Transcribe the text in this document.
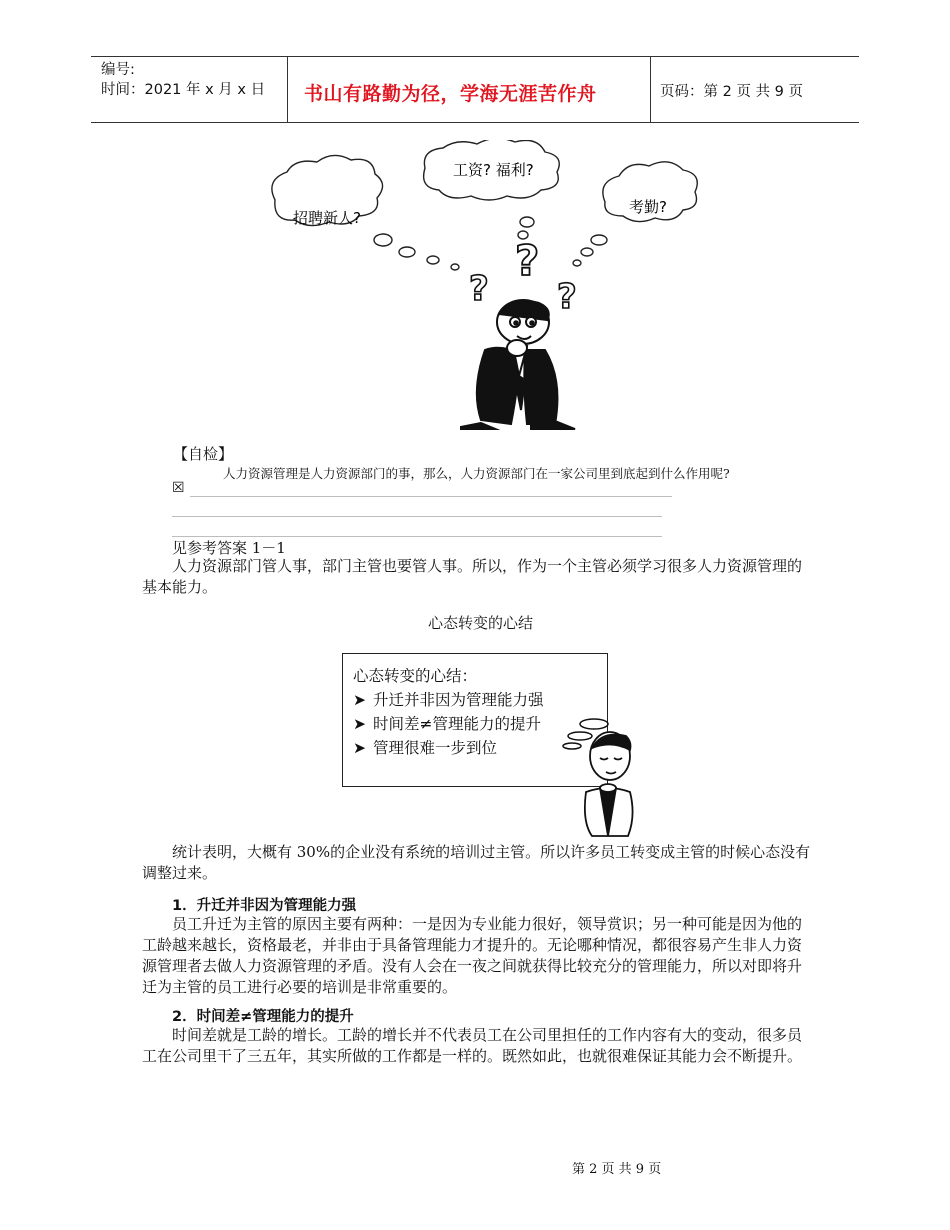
编号:
时间：2021 年 x 月 x 日 书山有路勤为径，学海无涯苦作舟	页码：第 2 页 共 9 页
招聘新人?
工资? 福利?
考勤?
?
?
?
【自检】
人力资源管理是人力资源部门的事，那么，人力资源部门在一家公司里到底起到什么作用呢?
☒
见参考答案 1－1
人力资源部门管人事，部门主管也要管人事。所以，作为一个主管必须学习很多人力资源管理的基本能力。
心态转变的心结
心态转变的心结：
➤ 升迁并非因为管理能力强
➤ 时间差≠管理能力的提升
➤ 管理很难一步到位
统计表明，大概有 30%的企业没有系统的培训过主管。所以许多员工转变成主管的时候心态没有调整过来。
1．升迁并非因为管理能力强
员工升迁为主管的原因主要有两种：一是因为专业能力很好，领导赏识；另一种可能是因为他的工龄越来越长，资格最老，并非由于具备管理能力才提升的。无论哪种情况，都很容易产生非人力资源管理者去做人力资源管理的矛盾。没有人会在一夜之间就获得比较充分的管理能力，所以对即将升迁为主管的员工进行必要的培训是非常重要的。
2．时间差≠管理能力的提升
时间差就是工龄的增长。工龄的增长并不代表员工在公司里担任的工作内容有大的变动，很多员工在公司里干了三五年，其实所做的工作都是一样的。既然如此，也就很难保证其能力会不断提升。
第 2 页 共 9 页
